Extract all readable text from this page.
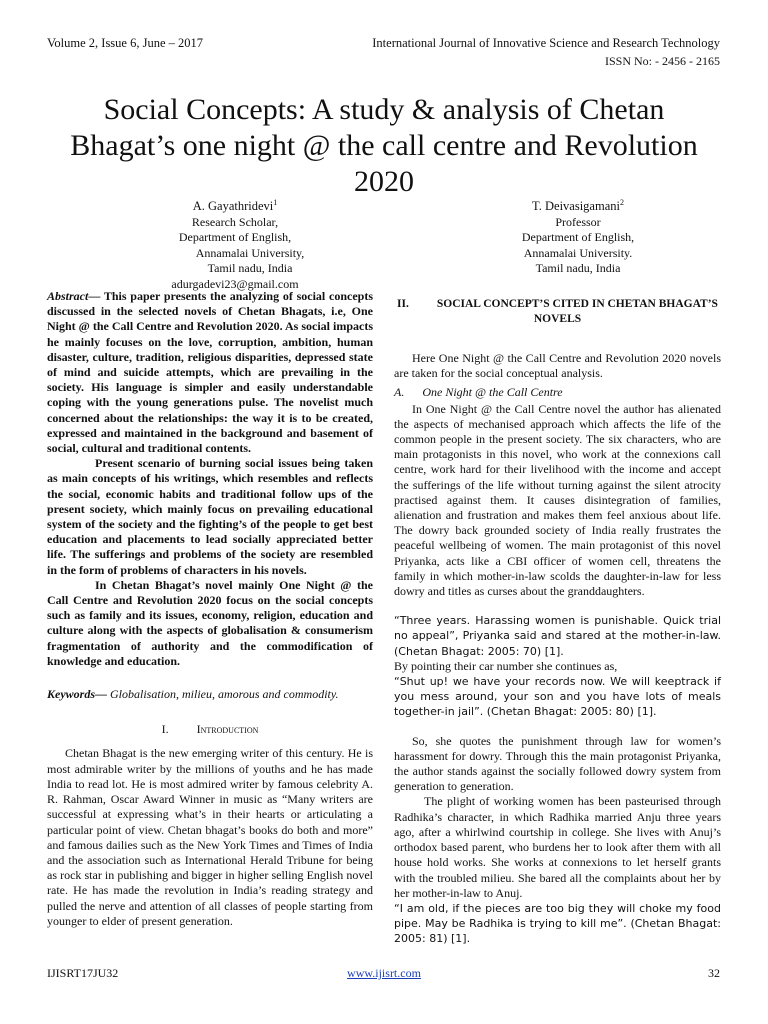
Volume 2, Issue 6, June – 2017	International Journal of Innovative Science and Research Technology
ISSN No: - 2456 - 2165
Social Concepts: A study & analysis of Chetan Bhagat’s one night @ the call centre and Revolution 2020
A. Gayathridevi$^1$
Research Scholar,
Department of English,
Annamalai University,
Tamil nadu, India
adurgadevi23@gmail.com
T. Deivasigamani$^2$
Professor
Department of English,
Annamalai University.
Tamil nadu, India

Abstract— This paper presents the analyzing of social concepts discussed in the selected novels of Chetan Bhagats, i.e, One Night @ the Call Centre and Revolution 2020. As social impacts he mainly focuses on the love, corruption, ambition, human disaster, culture, tradition, religious disparities, depressed state of mind and suicide attempts, which are prevailing in the society. His language is simpler and easily understandable coping with the young generations pulse. The novelist much concerned about the relationships: the way it is to be created, expressed and maintained in the background and basement of social, cultural and traditional contents.

Present scenario of burning social issues being taken as main concepts of his writings, which resembles and reflects the social, economic habits and traditional follow ups of the present society, which mainly focus on prevailing educational system of the society and the fighting’s of the people to get best education and placements to lead socially appreciated better life. The sufferings and problems of the society are resembled in the form of problems of characters in his novels.

In Chetan Bhagat’s novel mainly One Night @ the Call Centre and Revolution 2020 focus on the social concepts such as family and its issues, economy, religion, education and culture along with the aspects of globalisation & consumerism fragmentation of authority and the commodification of knowledge and education.

Keywords— Globalisation, milieu, amorous and commodity.

I. Introduction

Chetan Bhagat is the new emerging writer of this century. He is most admirable writer by the millions of youths and he has made India to read lot. He is most admired writer by famous celebrity A. R. Rahman, Oscar Award Winner in music as “Many writers are successful at expressing what’s in their hearts or articulating a particular point of view. Chetan bhagat’s books do both and more” and famous dailies such as the New York Times and Times of India and the association such as International Herald Tribune for being as rock star in publishing and bigger in higher selling English novel rate. He has made the revolution in India’s reading strategy and pulled the nerve and attention of all classes of people starting from younger to elder of present generation.

II. SOCIAL CONCEPT’S CITED IN CHETAN BHAGAT’S NOVELS

Here One Night @ the Call Centre and Revolution 2020 novels are taken for the social conceptual analysis.

A. One Night @ the Call Centre

In One Night @ the Call Centre novel the author has alienated the aspects of mechanised approach which affects the life of the common people in the present society. The six characters, who are main protagonists in this novel, who work at the connexions call centre, work hard for their livelihood with the income and accept the sufferings of the life without turning against the silent atrocity practised against them. It causes disintegration of families, alienation and frustration and makes them feel anxious about life. The dowry back grounded society of India really frustrates the peaceful wellbeing of women. The main protagonist of this novel Priyanka, acts like a CBI officer of women cell, threatens the family in which mother-in-law scolds the daughter-in-law for less dowry and titles as curses about the granddaughters.

“Three years. Harassing women is punishable. Quick trial no appeal”, Priyanka said and stared at the mother-in-law. (Chetan Bhagat: 2005: 70) [1].

By pointing their car number she continues as,

“Shut up! we have your records now. We will keeptrack if you mess around, your son and you have lots of meals together-in jail”. (Chetan Bhagat: 2005: 80) [1].

So, she quotes the punishment through law for women’s harassment for dowry. Through this the main protagonist Priyanka, the author stands against the socially followed dowry system from generation to generation.

The plight of working women has been pasteurised through Radhika’s character, in which Radhika married Anju three years ago, after a whirlwind courtship in college. She lives with Anuj’s orthodox based parent, who burdens her to look after them with all house hold works. She works at connexions to let herself grants with the troubled milieu. She bared all the complaints about her by her mother-in-law to Anuj.

“I am old, if the pieces are too big they will choke my food pipe. May be Radhika is trying to kill me”. (Chetan Bhagat: 2005: 81) [1].

IJISRT17JU32	www.ijisrt.com	32
